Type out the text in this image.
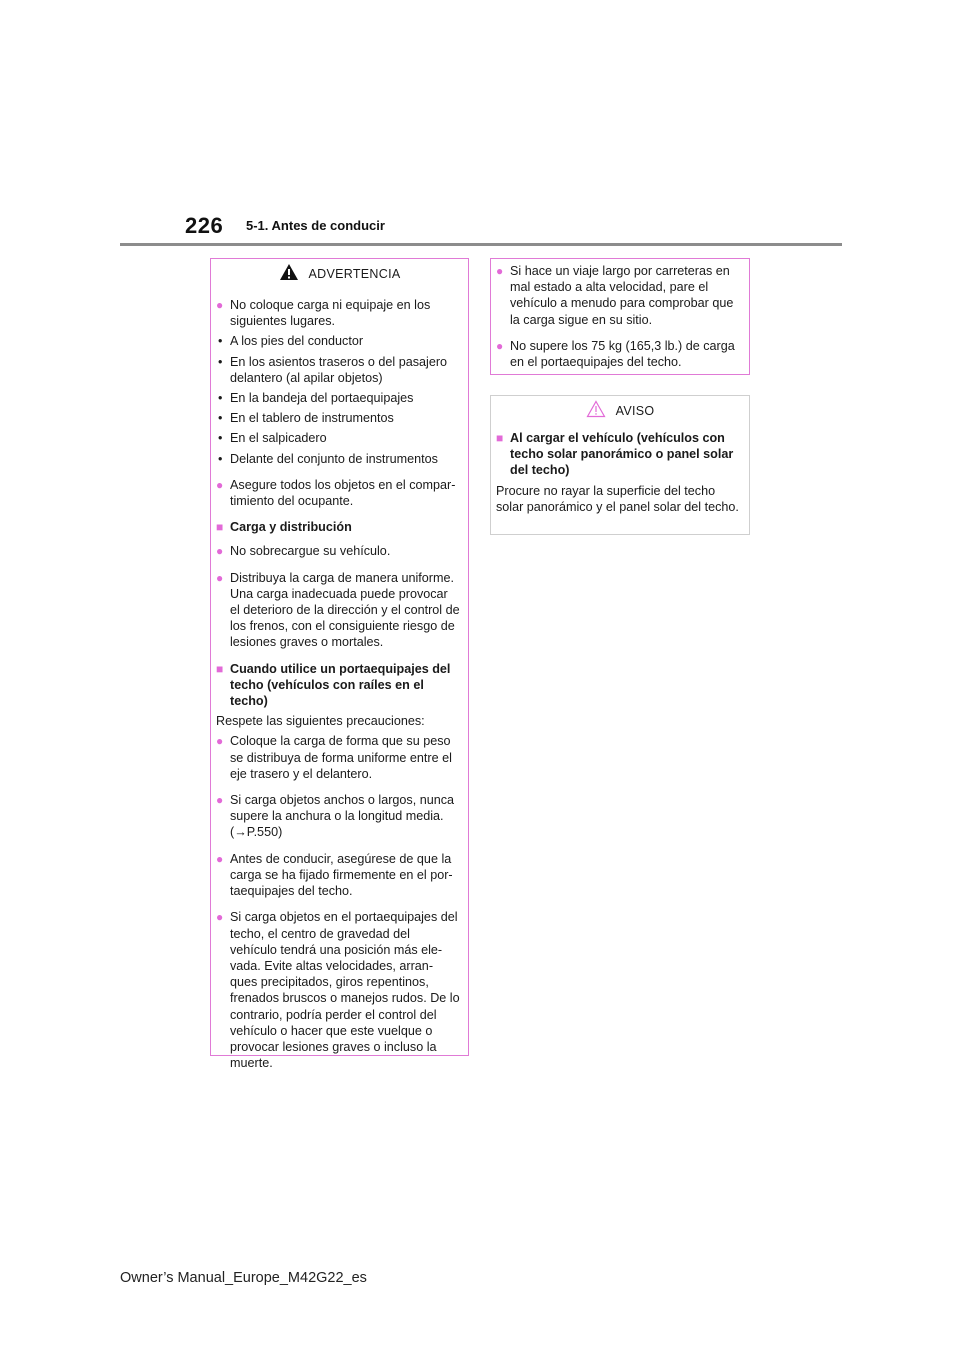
226 5-1. Antes de conducir
ADVERTENCIA
● No coloque carga ni equipaje en los siguientes lugares.
• A los pies del conductor
• En los asientos traseros o del pasajero delantero (al apilar objetos)
• En la bandeja del portaequipajes
• En el tablero de instrumentos
• En el salpicadero
• Delante del conjunto de instrumentos
● Asegure todos los objetos en el compar-timiento del ocupante.
■ Carga y distribución
● No sobrecargue su vehículo.
● Distribuya la carga de manera uniforme. Una carga inadecuada puede provocar el deterioro de la dirección y el control de los frenos, con el consiguiente riesgo de lesiones graves o mortales.
■ Cuando utilice un portaequipajes del techo (vehículos con raíles en el techo)
Respete las siguientes precauciones:
● Coloque la carga de forma que su peso se distribuya de forma uniforme entre el eje trasero y el delantero.
● Si carga objetos anchos o largos, nunca supere la anchura o la longitud media. (→P.550)
● Antes de conducir, asegúrese de que la carga se ha fijado firmemente en el por-taequipajes del techo.
● Si carga objetos en el portaequipajes del techo, el centro de gravedad del vehículo tendrá una posición más ele-vada. Evite altas velocidades, arran-ques precipitados, giros repentinos, frenados bruscos o manejos rudos. De lo contrario, podría perder el control del vehículo o hacer que este vuelque o provocar lesiones graves o incluso la muerte.
● Si hace un viaje largo por carreteras en mal estado a alta velocidad, pare el vehículo a menudo para comprobar que la carga sigue en su sitio.
● No supere los 75 kg (165,3 lb.) de carga en el portaequipajes del techo.
AVISO
■ Al cargar el vehículo (vehículos con techo solar panorámico o panel solar del techo)
Procure no rayar la superficie del techo solar panorámico y el panel solar del techo.
Owner’s Manual_Europe_M42G22_es
